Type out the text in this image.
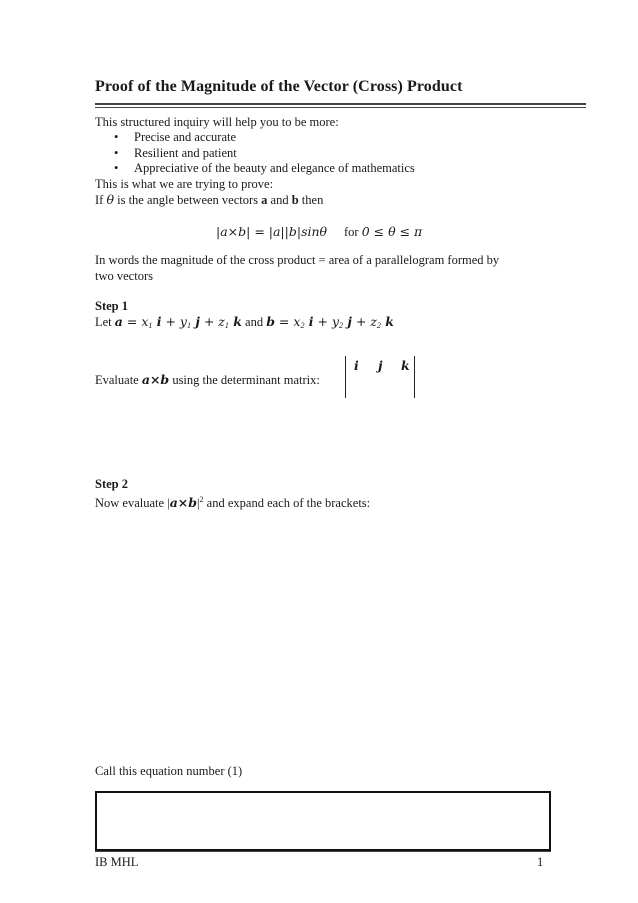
Proof of the Magnitude of the Vector (Cross) Product
This structured inquiry will help you to be more:
• Precise and accurate
• Resilient and patient
• Appreciative of the beauty and elegance of mathematics
This is what we are trying to prove:
If θ is the angle between vectors a and b then
|a×b| = |a||b|sinθ for 0 ≤ θ ≤ π
In words the magnitude of the cross product = area of a parallelogram formed by
two vectors
Step 1
Let $a = x_1$ $i + y_1$ $j + z_1$ k and $b = x_2$ $i + y_2$ $j + z_2$ k
i j k
Evaluate a×b using the determinant matrix:
Step 2
Now evaluate $|a\times b|^2$ and expand each of the brackets:
Call this equation number (1)
IB MHL	1
